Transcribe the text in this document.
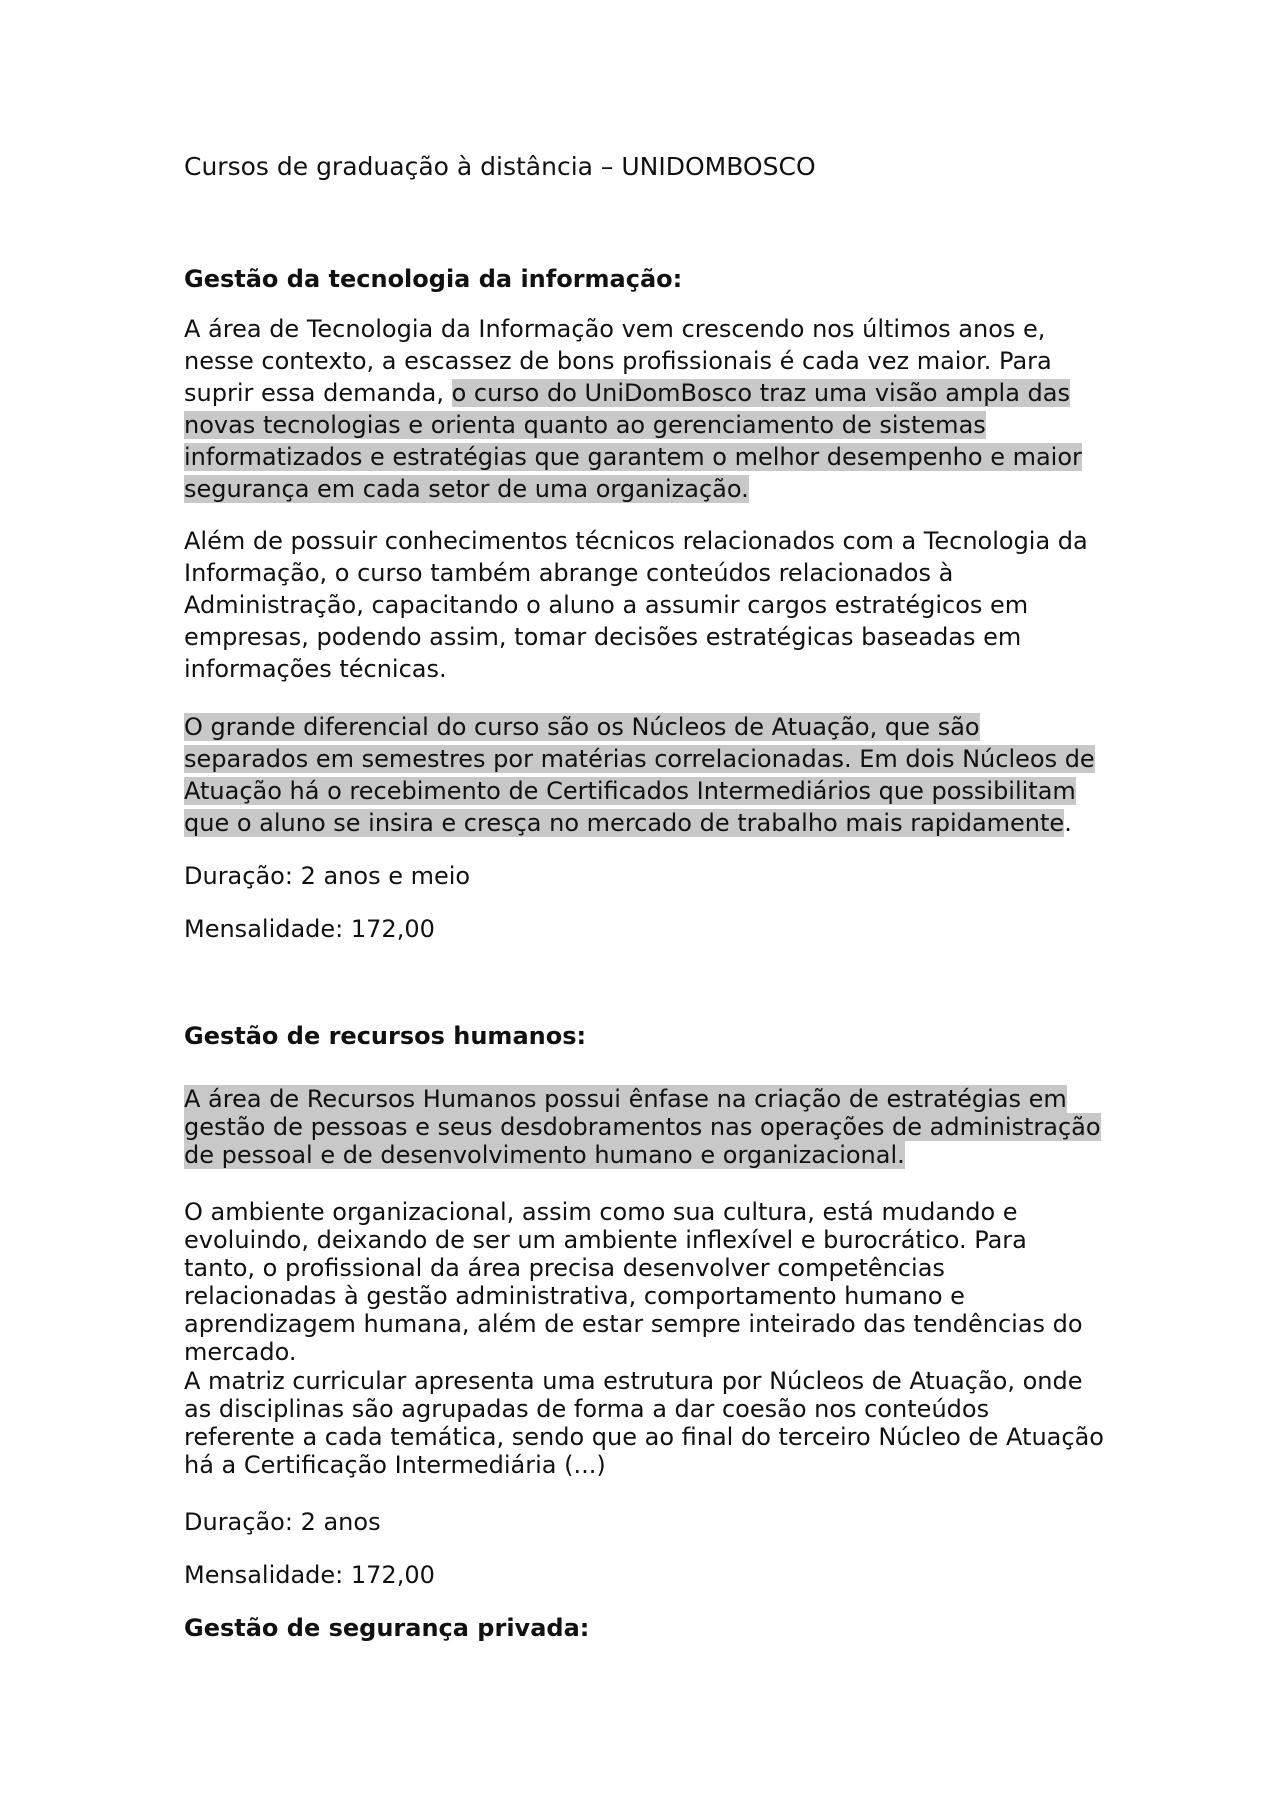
Cursos de graduação à distância – UNIDOMBOSCO
Gestão da tecnologia da informação:

A área de Tecnologia da Informação vem crescendo nos últimos anos e, nesse contexto, a escassez de bons profissionais é cada vez maior. Para suprir essa demanda, o curso do UniDomBosco traz uma visão ampla das novas tecnologias e orienta quanto ao gerenciamento de sistemas informatizados e estratégias que garantem o melhor desempenho e maior segurança em cada setor de uma organização.

Além de possuir conhecimentos técnicos relacionados com a Tecnologia da Informação, o curso também abrange conteúdos relacionados à Administração, capacitando o aluno a assumir cargos estratégicos em empresas, podendo assim, tomar decisões estratégicas baseadas em informações técnicas.

O grande diferencial do curso são os Núcleos de Atuação, que são separados em semestres por matérias correlacionadas. Em dois Núcleos de Atuação há o recebimento de Certificados Intermediários que possibilitam que o aluno se insira e cresça no mercado de trabalho mais rapidamente.

Duração: 2 anos e meio
Mensalidade: 172,00
Gestão de recursos humanos:

A área de Recursos Humanos possui ênfase na criação de estratégias em gestão de pessoas e seus desdobramentos nas operações de administração de pessoal e de desenvolvimento humano e organizacional.

O ambiente organizacional, assim como sua cultura, está mudando e evoluindo, deixando de ser um ambiente inflexível e burocrático. Para tanto, o profissional da área precisa desenvolver competências relacionadas à gestão administrativa, comportamento humano e aprendizagem humana, além de estar sempre inteirado das tendências do mercado.

A matriz curricular apresenta uma estrutura por Núcleos de Atuação, onde as disciplinas são agrupadas de forma a dar coesão nos conteúdos referente a cada temática, sendo que ao final do terceiro Núcleo de Atuação há a Certificação Intermediária (...)

Duração: 2 anos
Mensalidade: 172,00
Gestão de segurança privada:
